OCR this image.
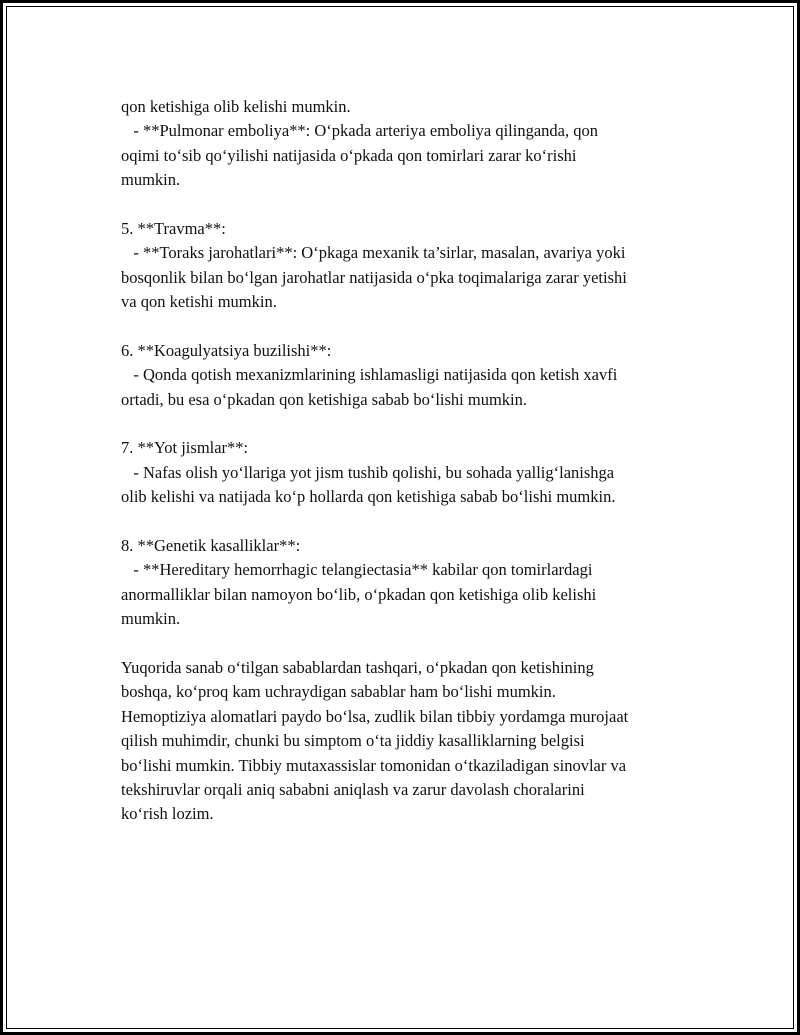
qon ketishiga olib kelishi mumkin.
- **Pulmonar emboliya**: O‘pkada arteriya emboliya qilinganda, qon
oqimi to‘sib qo‘yilishi natijasida o‘pkada qon tomirlari zarar ko‘rishi
mumkin.
5. **Travma**:
- **Toraks jarohatlari**: O‘pkaga mexanik ta’sirlar, masalan, avariya yoki
bosqonlik bilan bo‘lgan jarohatlar natijasida o‘pka toqimalariga zarar yetishi
va qon ketishi mumkin.
6. **Koagulyatsiya buzilishi**:
- Qonda qotish mexanizmlarining ishlamasligi natijasida qon ketish xavfi
ortadi, bu esa o‘pkadan qon ketishiga sabab bo‘lishi mumkin.
7. **Yot jismlar**:
- Nafas olish yo‘llariga yot jism tushib qolishi, bu sohada yallig‘lanishga
olib kelishi va natijada ko‘p hollarda qon ketishiga sabab bo‘lishi mumkin.
8. **Genetik kasalliklar**:
- **Hereditary hemorrhagic telangiectasia** kabilar qon tomirlardagi
anormalliklar bilan namoyon bo‘lib, o‘pkadan qon ketishiga olib kelishi
mumkin.
Yuqorida sanab o‘tilgan sabablardan tashqari, o‘pkadan qon ketishining
boshqa, ko‘proq kam uchraydigan sabablar ham bo‘lishi mumkin.
Hemoptiziya alomatlari paydo bo‘lsa, zudlik bilan tibbiy yordamga murojaat
qilish muhimdir, chunki bu simptom o‘ta jiddiy kasalliklarning belgisi
bo‘lishi mumkin. Tibbiy mutaxassislar tomonidan o‘tkaziladigan sinovlar va
tekshiruvlar orqali aniq sababni aniqlash va zarur davolash choralarini
ko‘rish lozim.
